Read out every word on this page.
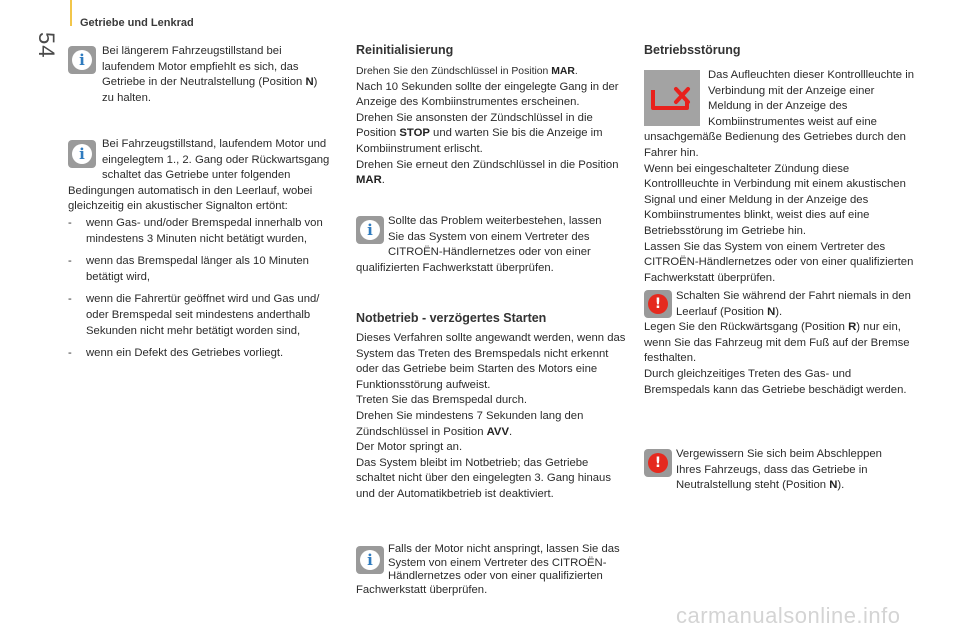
54
Getriebe und Lenkrad
i	Bei längerem Fahrzeugstillstand bei laufendem Motor empfiehlt es sich, das Getriebe in der Neutralstellung (Position N) zu halten.
i
Bei Fahrzeugstillstand, laufendem Motor und eingelegtem 1., 2. Gang oder Rückwartsgang schaltet das Getriebe unter folgenden Bedingungen automatisch in den Leerlauf, wobei gleichzeitig ein akustischer Signalton ertönt:
- wenn Gas- und/oder Bremspedal innerhalb von mindestens 3 Minuten nicht betätigt wurden,
- wenn das Bremspedal länger als 10 Minuten betätigt wird,
- wenn die Fahrertür geöffnet wird und Gas und/ oder Bremspedal seit mindestens anderthalb Sekunden nicht mehr betätigt worden sind,
- wenn ein Defekt des Getriebes vorliegt.
Reinitialisierung
Drehen Sie den Zündschlüssel in Position MAR.
Nach 10 Sekunden sollte der eingelegte Gang in der Anzeige des Kombiinstrumentes erscheinen.
Drehen Sie ansonsten der Zündschlüssel in die Position STOP und warten Sie bis die Anzeige im Kombiinstrument erlischt.
Drehen Sie erneut den Zündschlüssel in die Position MAR.
i	Sollte das Problem weiterbestehen, lassen Sie das System von einem Vertreter des CITROËN-Händlernetzes oder von einer qualifizierten Fachwerkstatt überprüfen.
Notbetrieb - verzögertes Starten
Dieses Verfahren sollte angewandt werden, wenn das System das Treten des Bremspedals nicht erkennt oder das Getriebe beim Starten des Motors eine Funktionsstörung aufweist.
Treten Sie das Bremspedal durch.
Drehen Sie mindestens 7 Sekunden lang den Zündschlüssel in Position AVV.
Der Motor springt an.
Das System bleibt im Notbetrieb; das Getriebe schaltet nicht über den eingelegten 3. Gang hinaus und der Automatikbetrieb ist deaktiviert.
i
Falls der Motor nicht anspringt, lassen Sie das System von einem Vertreter des CITROËN-Händlernetzes oder von einer qualifizierten Fachwerkstatt überprüfen.
Betriebsstörung
Das Aufleuchten dieser Kontrollleuchte in Verbindung mit der Anzeige einer Meldung in der Anzeige des Kombiinstrumentes weist auf eine unsachgemäße Bedienung des Getriebes durch den Fahrer hin.
Wenn bei eingeschalteter Zündung diese Kontrollleuchte in Verbindung mit einem akustischen Signal und einer Meldung in der Anzeige des Kombiinstrumentes blinkt, weist dies auf eine Betriebsstörung im Getriebe hin.
Lassen Sie das System von einem Vertreter des CITROËN-Händlernetzes oder von einer qualifizierten Fachwerkstatt überprüfen.
!	Schalten Sie während der Fahrt niemals in den Leerlauf (Position N).
Legen Sie den Rückwärtsgang (Position R) nur ein, wenn Sie das Fahrzeug mit dem Fuß auf der Bremse festhalten.
Durch gleichzeitiges Treten des Gas- und Bremspedals kann das Getriebe beschädigt werden.
!
Vergewissern Sie sich beim Abschleppen Ihres Fahrzeugs, dass das Getriebe in Neutralstellung steht (Position N).
carmanualsonline.info
